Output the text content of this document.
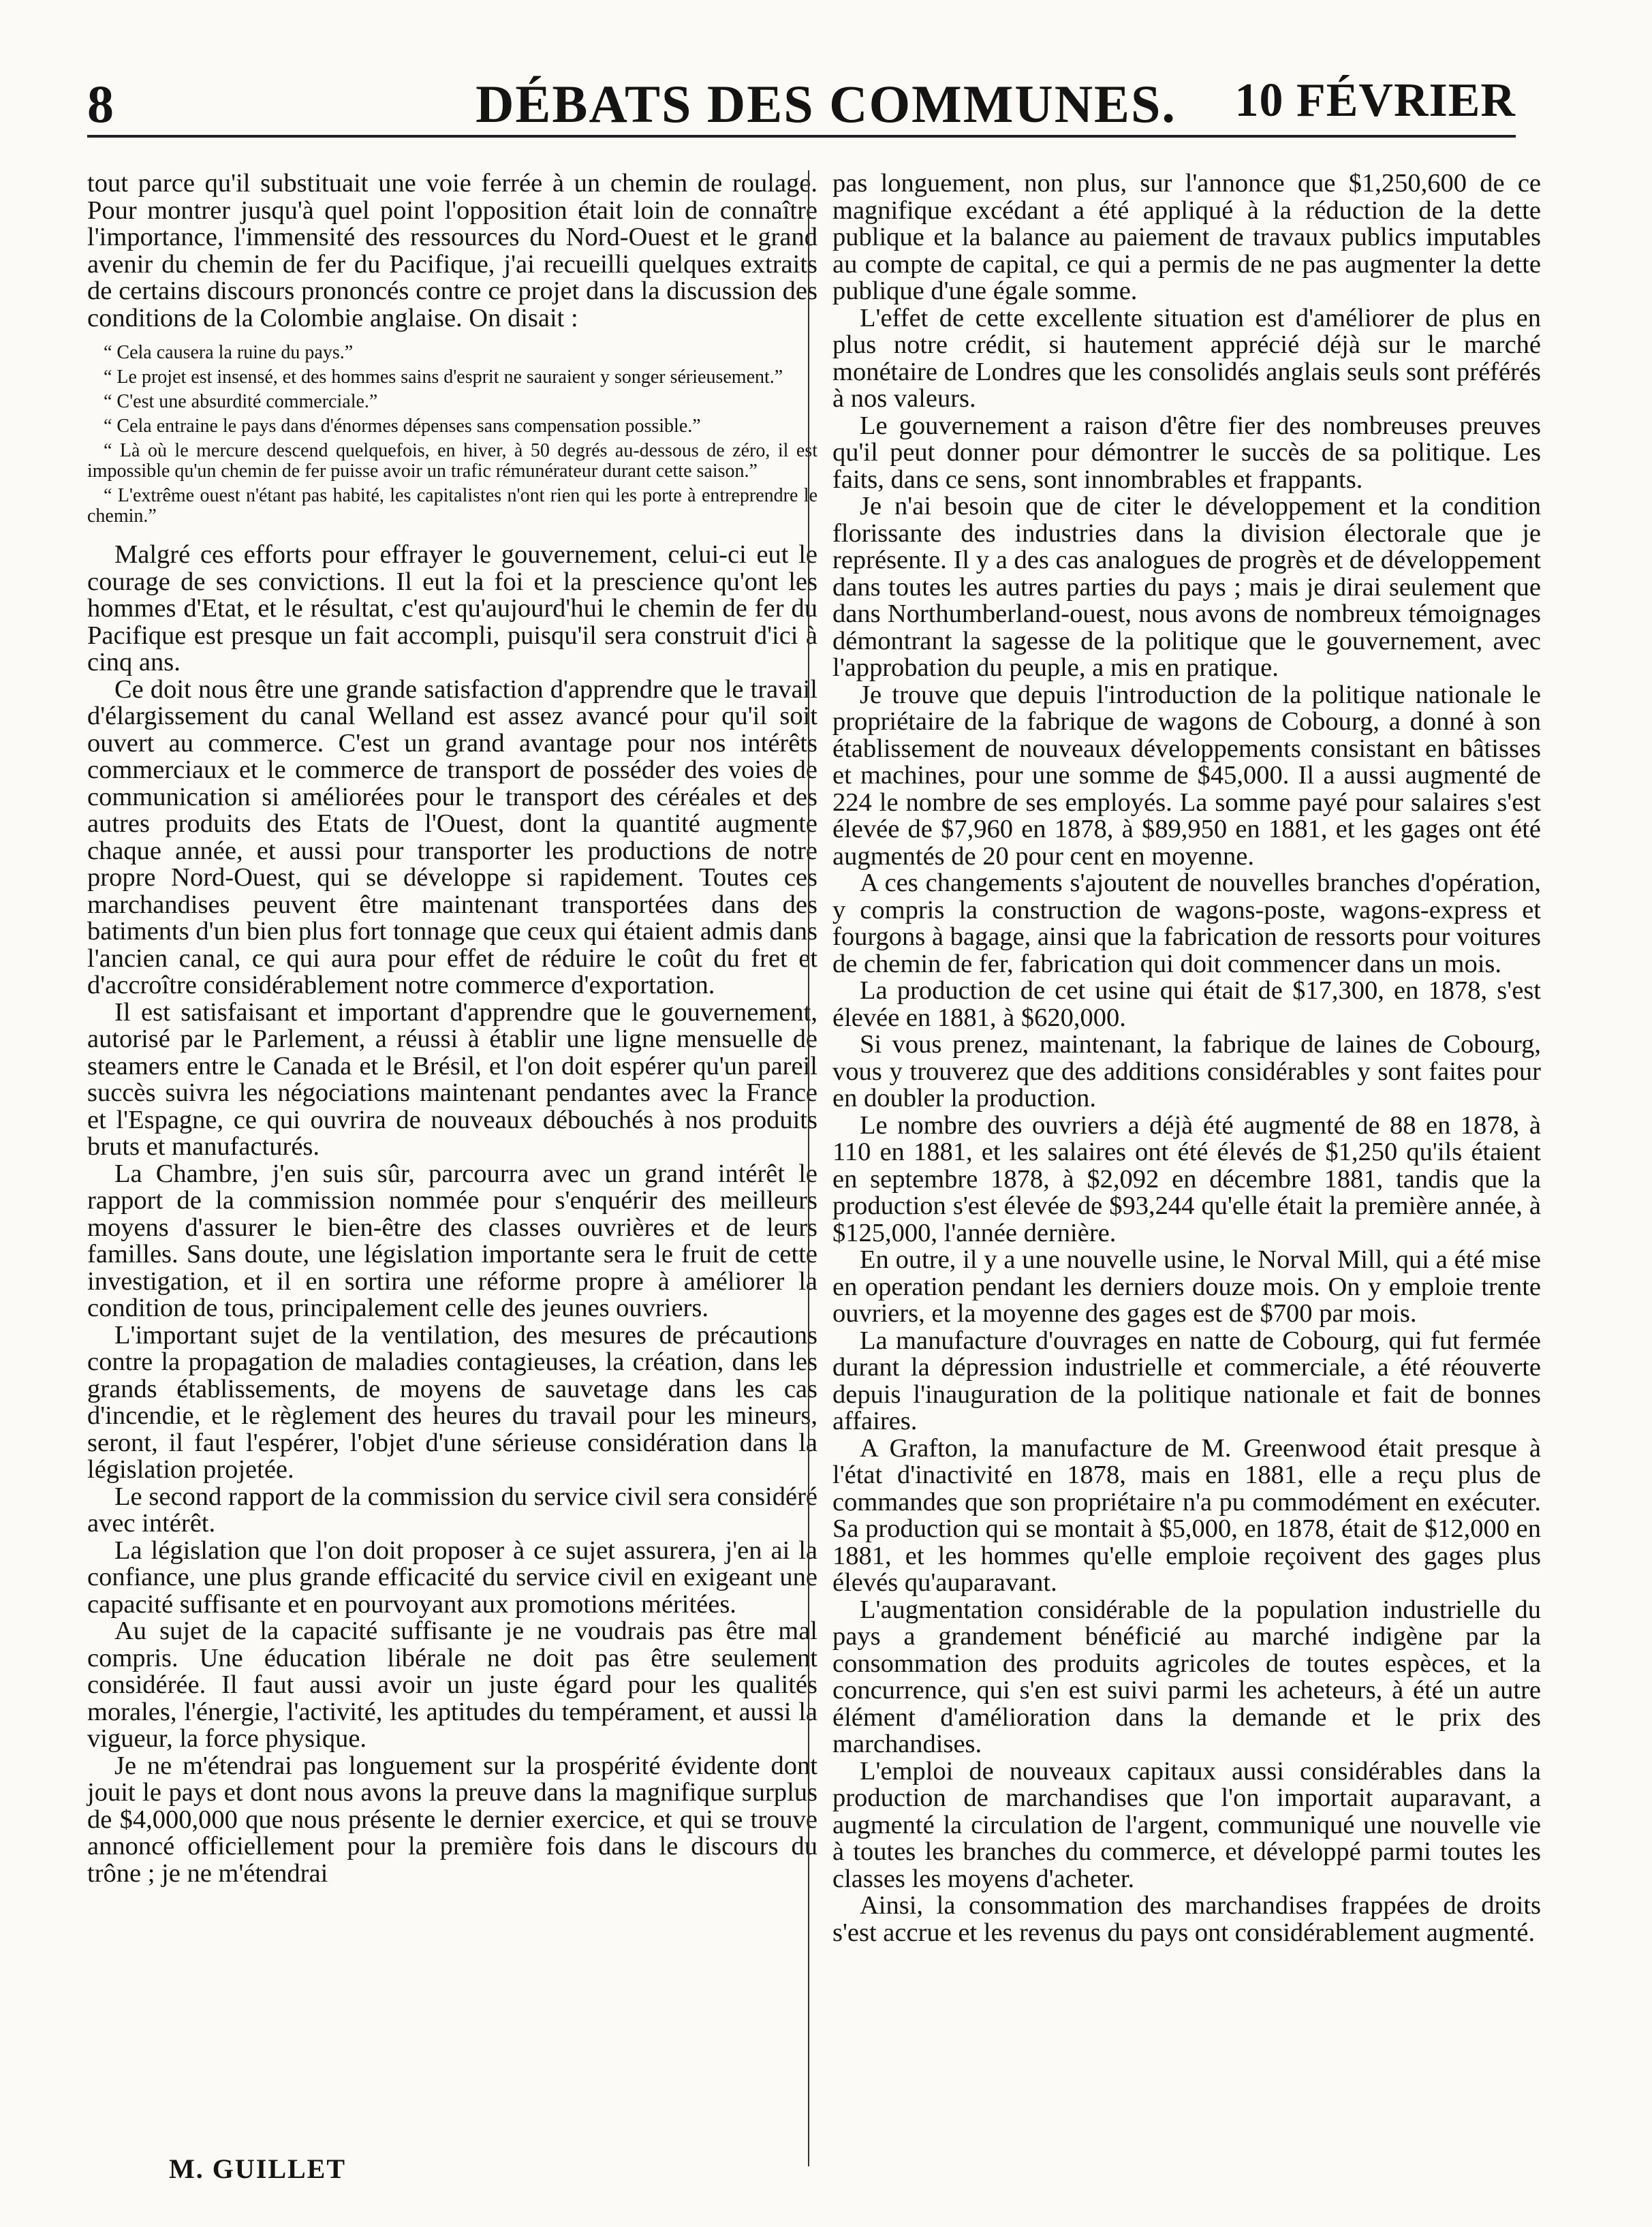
8	DÉBATS DES COMMUNES.	10 FÉVRIER

tout parce qu'il substituait une voie ferrée à un chemin de roulage. Pour montrer jusqu'à quel point l'opposition était loin de connaître l'importance, l'immensité des ressources du Nord-Ouest et le grand avenir du chemin de fer du Pacifique, j'ai recueilli quelques extraits de certains discours prononcés contre ce projet dans la discussion des conditions de la Colombie anglaise. On disait :

“ Cela causera la ruine du pays.”

“ Le projet est insensé, et des hommes sains d'esprit ne sauraient y songer sérieusement.”

“ C'est une absurdité commerciale.”

“ Cela entraine le pays dans d'énormes dépenses sans compensation possible.”

“ Là où le mercure descend quelquefois, en hiver, à 50 degrés au-dessous de zéro, il est impossible qu'un chemin de fer puisse avoir un trafic rémunérateur durant cette saison.”

“ L'extrême ouest n'étant pas habité, les capitalistes n'ont rien qui les porte à entreprendre le chemin.”

Malgré ces efforts pour effrayer le gouvernement, celui-ci eut le courage de ses convictions. Il eut la foi et la prescience qu'ont les hommes d'Etat, et le résultat, c'est qu'aujourd'hui le chemin de fer du Pacifique est presque un fait accompli, puisqu'il sera construit d'ici à cinq ans.

Ce doit nous être une grande satisfaction d'apprendre que le travail d'élargissement du canal Welland est assez avancé pour qu'il soit ouvert au commerce. C'est un grand avantage pour nos intérêts commerciaux et le commerce de transport de posséder des voies de communication si améliorées pour le transport des céréales et des autres produits des Etats de l'Ouest, dont la quantité augmente chaque année, et aussi pour transporter les productions de notre propre Nord-Ouest, qui se développe si rapidement. Toutes ces marchandises peuvent être maintenant transportées dans des batiments d'un bien plus fort tonnage que ceux qui étaient admis dans l'ancien canal, ce qui aura pour effet de réduire le coût du fret et d'accroître considérablement notre commerce d'exportation.

Il est satisfaisant et important d'apprendre que le gouvernement, autorisé par le Parlement, a réussi à établir une ligne mensuelle de steamers entre le Canada et le Brésil, et l'on doit espérer qu'un pareil succès suivra les négociations maintenant pendantes avec la France et l'Espagne, ce qui ouvrira de nouveaux débouchés à nos produits bruts et manufacturés.

La Chambre, j'en suis sûr, parcourra avec un grand intérêt le rapport de la commission nommée pour s'enquérir des meilleurs moyens d'assurer le bien-être des classes ouvrières et de leurs familles. Sans doute, une législation importante sera le fruit de cette investigation, et il en sortira une réforme propre à améliorer la condition de tous, principalement celle des jeunes ouvriers.

L'important sujet de la ventilation, des mesures de précautions contre la propagation de maladies contagieuses, la création, dans les grands établissements, de moyens de sauvetage dans les cas d'incendie, et le règlement des heures du travail pour les mineurs, seront, il faut l'espérer, l'objet d'une sérieuse considération dans la législation projetée.

Le second rapport de la commission du service civil sera considéré avec intérêt.

La législation que l'on doit proposer à ce sujet assurera, j'en ai la confiance, une plus grande efficacité du service civil en exigeant une capacité suffisante et en pourvoyant aux promotions méritées.

Au sujet de la capacité suffisante je ne voudrais pas être mal compris. Une éducation libérale ne doit pas être seulement considérée. Il faut aussi avoir un juste égard pour les qualités morales, l'énergie, l'activité, les aptitudes du tempérament, et aussi la vigueur, la force physique.

Je ne m'étendrai pas longuement sur la prospérité évidente dont jouit le pays et dont nous avons la preuve dans la magnifique surplus de $4,000,000 que nous présente le dernier exercice, et qui se trouve annoncé officiellement pour la première fois dans le discours du trône ; je ne m'étendrai

pas longuement, non plus, sur l'annonce que $1,250,600 de ce magnifique excédant a été appliqué à la réduction de la dette publique et la balance au paiement de travaux publics imputables au compte de capital, ce qui a permis de ne pas augmenter la dette publique d'une égale somme.

L'effet de cette excellente situation est d'améliorer de plus en plus notre crédit, si hautement apprécié déjà sur le marché monétaire de Londres que les consolidés anglais seuls sont préférés à nos valeurs.

Le gouvernement a raison d'être fier des nombreuses preuves qu'il peut donner pour démontrer le succès de sa politique. Les faits, dans ce sens, sont innombrables et frappants.

Je n'ai besoin que de citer le développement et la condition florissante des industries dans la division électorale que je représente. Il y a des cas analogues de progrès et de développement dans toutes les autres parties du pays ; mais je dirai seulement que dans Northumberland-ouest, nous avons de nombreux témoignages démontrant la sagesse de la politique que le gouvernement, avec l'approbation du peuple, a mis en pratique.

Je trouve que depuis l'introduction de la politique nationale le propriétaire de la fabrique de wagons de Cobourg, a donné à son établissement de nouveaux développements consistant en bâtisses et machines, pour une somme de $45,000. Il a aussi augmenté de 224 le nombre de ses employés. La somme payé pour salaires s'est élevée de $7,960 en 1878, à $89,950 en 1881, et les gages ont été augmentés de 20 pour cent en moyenne.

A ces changements s'ajoutent de nouvelles branches d'opération, y compris la construction de wagons-poste, wagons-express et fourgons à bagage, ainsi que la fabrication de ressorts pour voitures de chemin de fer, fabrication qui doit commencer dans un mois.

La production de cet usine qui était de $17,300, en 1878, s'est élevée en 1881, à $620,000.

Si vous prenez, maintenant, la fabrique de laines de Cobourg, vous y trouverez que des additions considérables y sont faites pour en doubler la production.

Le nombre des ouvriers a déjà été augmenté de 88 en 1878, à 110 en 1881, et les salaires ont été élevés de $1,250 qu'ils étaient en septembre 1878, à $2,092 en décembre 1881, tandis que la production s'est élevée de $93,244 qu'elle était la première année, à $125,000, l'année dernière.

En outre, il y a une nouvelle usine, le Norval Mill, qui a été mise en operation pendant les derniers douze mois. On y emploie trente ouvriers, et la moyenne des gages est de $700 par mois.

La manufacture d'ouvrages en natte de Cobourg, qui fut fermée durant la dépression industrielle et commerciale, a été réouverte depuis l'inauguration de la politique nationale et fait de bonnes affaires.

A Grafton, la manufacture de M. Greenwood était presque à l'état d'inactivité en 1878, mais en 1881, elle a reçu plus de commandes que son propriétaire n'a pu commodément en exécuter. Sa production qui se montait à $5,000, en 1878, était de $12,000 en 1881, et les hommes qu'elle emploie reçoivent des gages plus élevés qu'auparavant.

L'augmentation considérable de la population industrielle du pays a grandement bénéficié au marché indigène par la consommation des produits agricoles de toutes espèces, et la concurrence, qui s'en est suivi parmi les acheteurs, à été un autre élément d'amélioration dans la demande et le prix des marchandises.

L'emploi de nouveaux capitaux aussi considérables dans la production de marchandises que l'on importait auparavant, a augmenté la circulation de l'argent, communiqué une nouvelle vie à toutes les branches du commerce, et développé parmi toutes les classes les moyens d'acheter.

Ainsi, la consommation des marchandises frappées de droits s'est accrue et les revenus du pays ont considérablement augmenté.

M. GUILLET
